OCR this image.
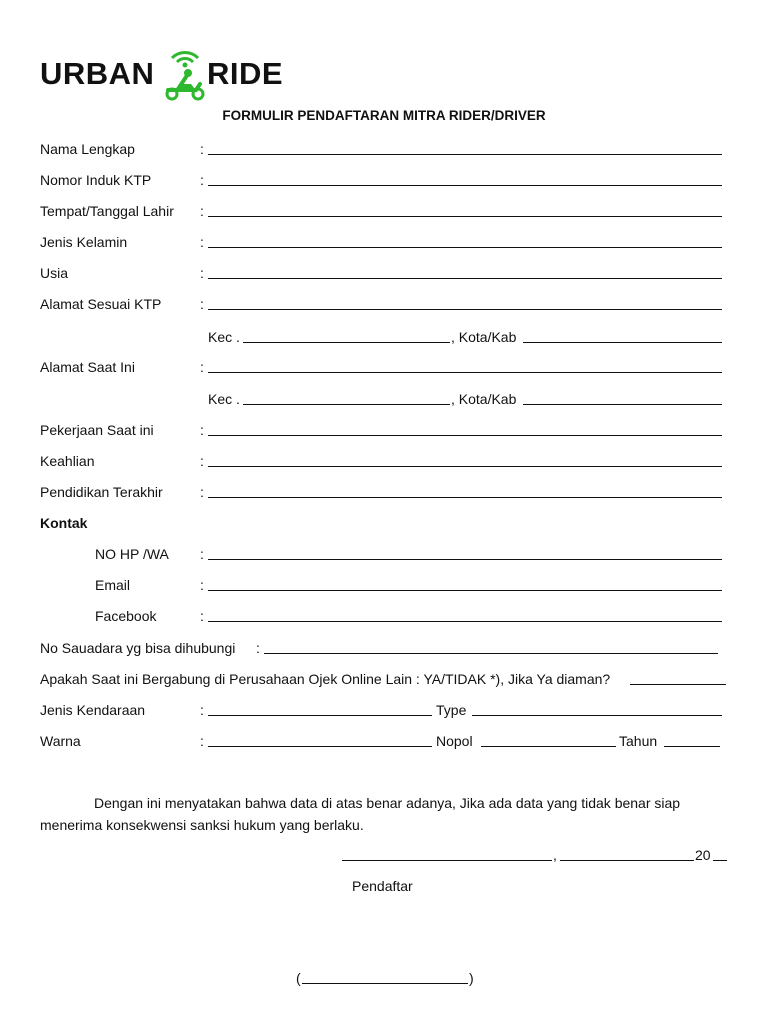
URBAN RIDE
FORMULIR PENDAFTARAN MITRA RIDER/DRIVER
Nama Lengkap	:
Nomor Induk KTP	:
Tempat/Tanggal Lahir :
Jenis Kelamin	:
Usia	:
Alamat Sesuai KTP	:
Kec .	, Kota/Kab
Alamat Saat Ini	:
Kec .	, Kota/Kab
Pekerjaan Saat ini	:
Keahlian	:
Pendidikan Terakhir	:
Kontak
NO HP /WA :
Email	:
Facebook	:
No Sauadara yg bisa dihubungi :
Apakah Saat ini Bergabung di Perusahaan Ojek Online Lain : YA/TIDAK *), Jika Ya diaman?
Jenis Kendaraan	:	Type
Warna	:	Nopol	Tahun
Dengan ini menyatakan bahwa data di atas benar adanya, Jika ada data yang tidak benar siap menerima konsekwensi sanksi hukum yang berlaku.
,	20
Pendaftar
(	)
